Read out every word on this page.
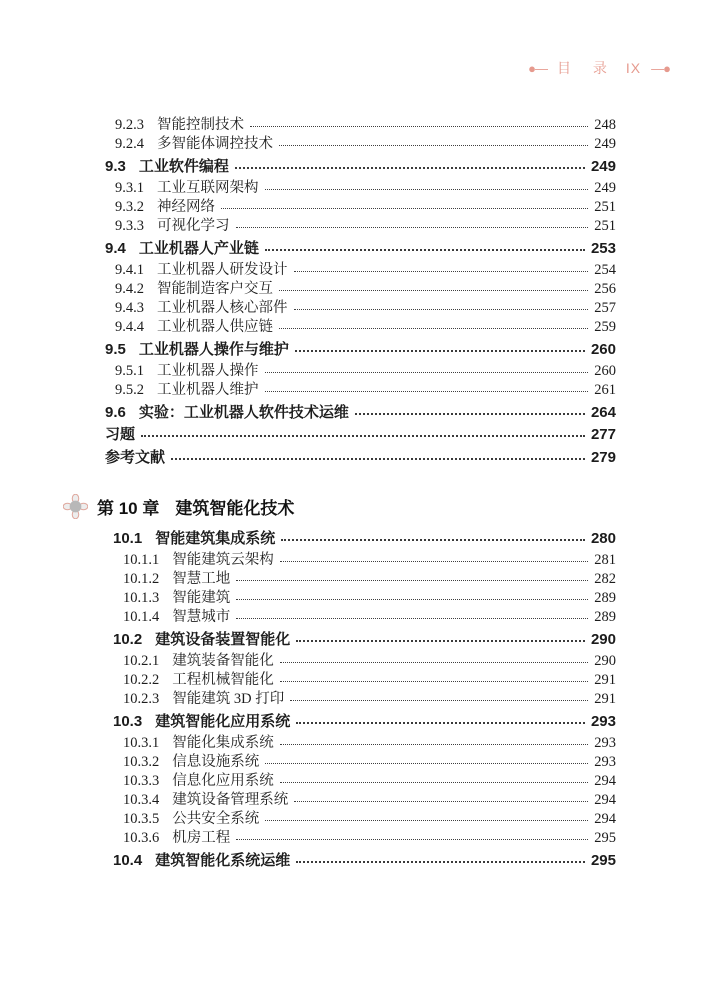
●— 目 录 IX —●
9.2.3 智能控制技术	248
9.2.4 多智能体调控技术	249
9.3 工业软件编程	249
9.3.1 工业互联网架构	249
9.3.2 神经网络	251
9.3.3 可视化学习	251
9.4 工业机器人产业链	253
9.4.1 工业机器人研发设计	254
9.4.2 智能制造客户交互	256
9.4.3 工业机器人核心部件	257
9.4.4 工业机器人供应链	259
9.5 工业机器人操作与维护	260
9.5.1 工业机器人操作	260
9.5.2 工业机器人维护	261
9.6 实验：工业机器人软件技术运维	264
习题	277
参考文献	279
第 10 章 建筑智能化技术
10.1 智能建筑集成系统	280
10.1.1 智能建筑云架构	281
10.1.2 智慧工地	282
10.1.3 智能建筑	289
10.1.4 智慧城市	289
10.2 建筑设备装置智能化	290
10.2.1 建筑装备智能化	290
10.2.2 工程机械智能化	291
10.2.3 智能建筑 3D 打印	291
10.3 建筑智能化应用系统	293
10.3.1 智能化集成系统	293
10.3.2 信息设施系统	293
10.3.3 信息化应用系统	294
10.3.4 建筑设备管理系统	294
10.3.5 公共安全系统	294
10.3.6 机房工程	295
10.4 建筑智能化系统运维	295
